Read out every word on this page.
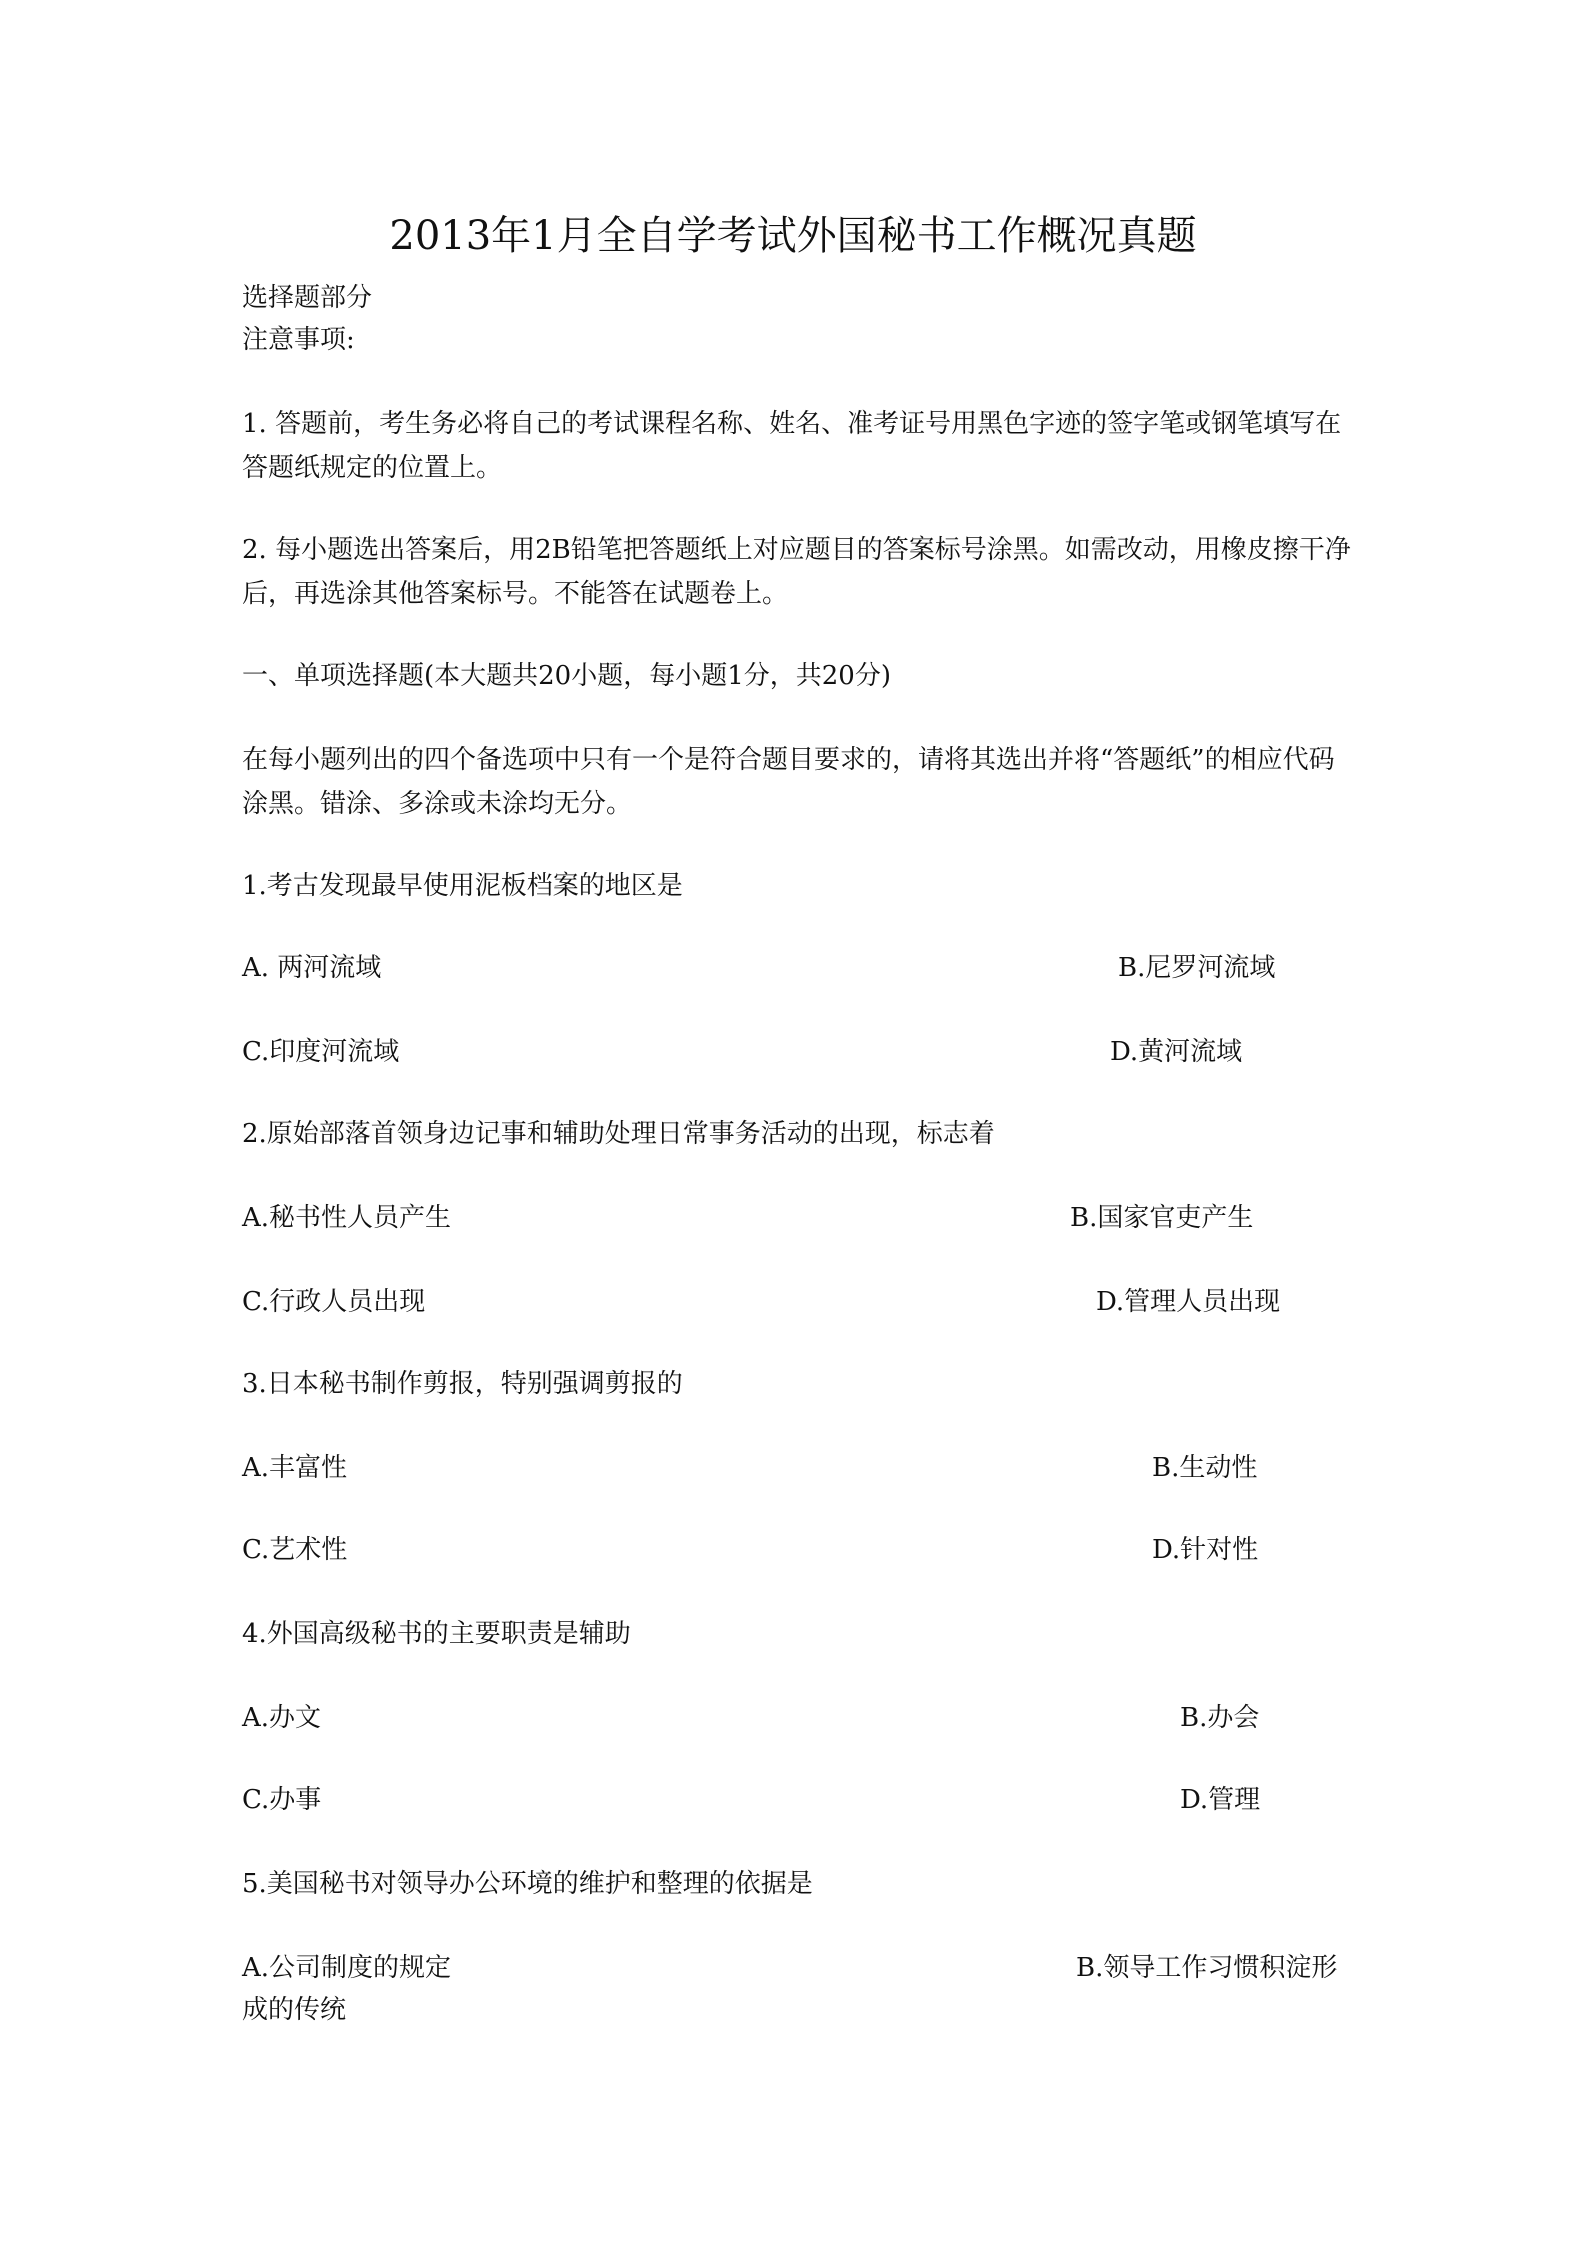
2013年1月全自学考试外国秘书工作概况真题
选择题部分
注意事项:
1. 答题前，考生务必将自己的考试课程名称、姓名、准考证号用黑色字迹的签字笔或钢笔填写在答题纸规定的位置上。
2. 每小题选出答案后，用2B铅笔把答题纸上对应题目的答案标号涂黑。如需改动，用橡皮擦干净后，再选涂其他答案标号。不能答在试题卷上。
一、单项选择题(本大题共20小题，每小题1分，共20分)
在每小题列出的四个备选项中只有一个是符合题目要求的，请将其选出并将“答题纸”的相应代码涂黑。错涂、多涂或未涂均无分。
1.考古发现最早使用泥板档案的地区是
A. 两河流域	B.尼罗河流域
C.印度河流域	D.黄河流域
2.原始部落首领身边记事和辅助处理日常事务活动的出现，标志着
A.秘书性人员产生	B.国家官吏产生
C.行政人员出现	D.管理人员出现
3.日本秘书制作剪报，特别强调剪报的
A.丰富性	B.生动性
C.艺术性	D.针对性
4.外国高级秘书的主要职责是辅助
A.办文	B.办会
C.办事	D.管理
5.美国秘书对领导办公环境的维护和整理的依据是
A.公司制度的规定	B.领导工作习惯积淀形
成的传统
